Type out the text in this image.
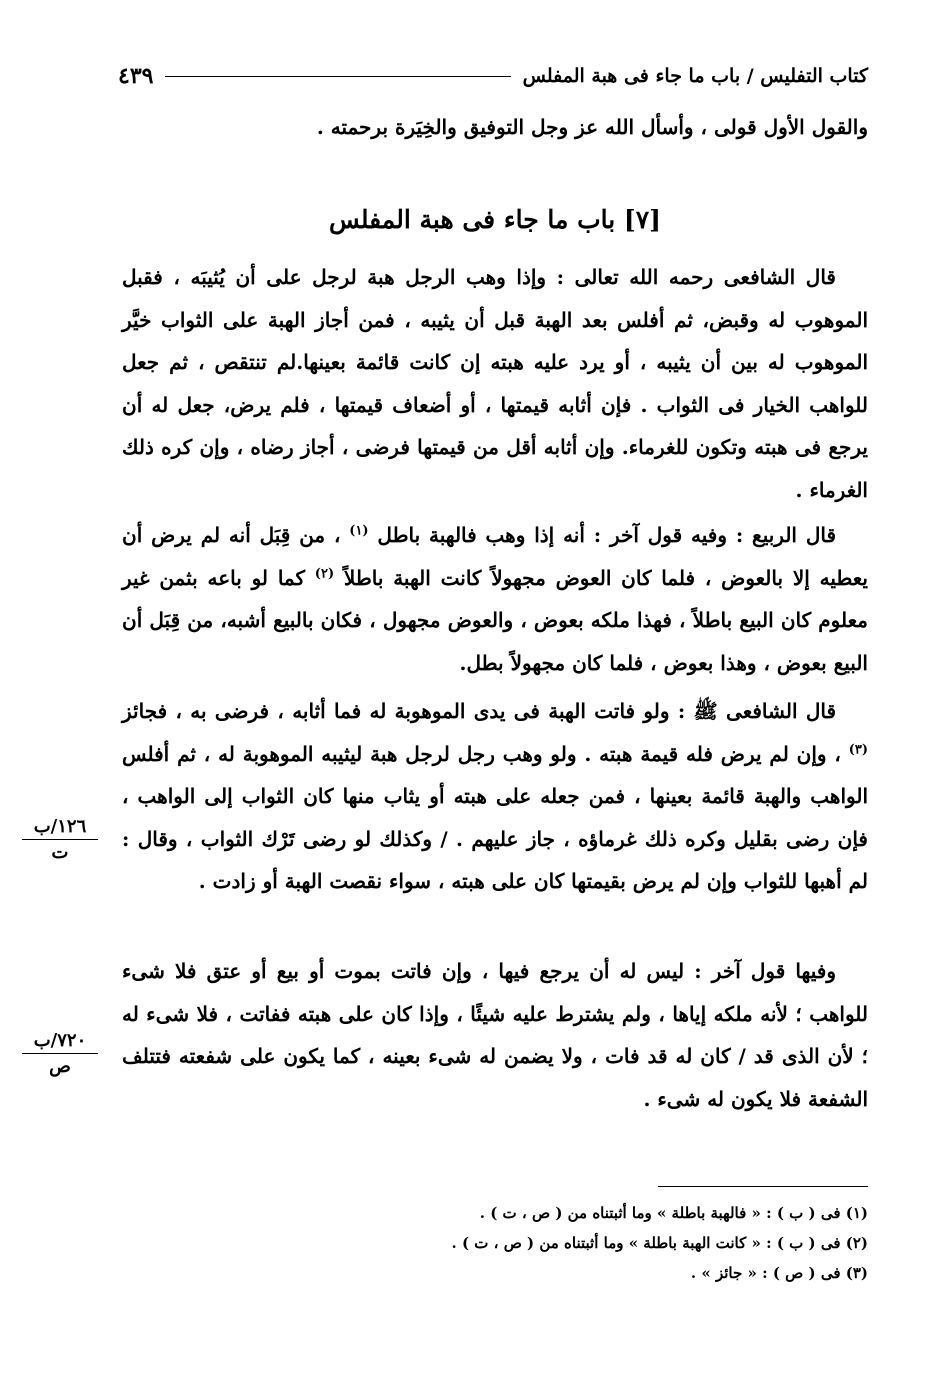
كتاب التفليس / باب ما جاء فى هبة المفلس
٤٣٩
والقول الأول قولى ، وأسأل الله عز وجل التوفيق والخِيَرة برحمته .
[٧] باب ما جاء فى هبة المفلس

قال الشافعى رحمه الله تعالى : وإذا وهب الرجل هبة لرجل على أن يُثيبَه ، فقبل الموهوب له وقبض، ثم أفلس بعد الهبة قبل أن يثيبه ، فمن أجاز الهبة على الثواب خيَّر الموهوب له بين أن يثيبه ، أو يرد عليه هبته إن كانت قائمة بعينها.لم تنتقص ، ثم جعل للواهب الخيار فى الثواب . فإن أثابه قيمتها ، أو أضعاف قيمتها ، فلم يرض، جعل له أن يرجع فى هبته وتكون للغرماء. وإن أثابه أقل من قيمتها فرضى ، أجاز رضاه ، وإن كره ذلك الغرماء .

قال الربيع : وفيه قول آخر : أنه إذا وهب فالهبة باطل $^{(١)}$ ، من قِبَل أنه لم يرض أن يعطيه إلا بالعوض ، فلما كان العوض مجهولاً كانت الهبة باطلاً $^{(٢)}$ كما لو باعه بثمن غير معلوم كان البيع باطلاً ، فهذا ملكه بعوض ، والعوض مجهول ، فكان بالبيع أشبه، من قِبَل أن البيع بعوض ، وهذا بعوض ، فلما كان مجهولاً بطل.

قال الشافعى ﷺ : ولو فاتت الهبة فى يدى الموهوبة له فما أثابه ، فرضى به ، فجائز $^{(٣)}$ ، وإن لم يرض فله قيمة هبته . ولو وهب رجل لرجل هبة ليثيبه الموهوبة له ، ثم أفلس الواهب والهبة قائمة بعينها ، فمن جعله على هبته أو يثاب منها كان الثواب إلى الواهب ، فإن رضى بقليل وكره ذلك غرماؤه ، جاز عليهم . / وكذلك لو رضى تَرْك الثواب ، وقال : لم أهبها للثواب وإن لم يرض بقيمتها كان على هبته ، سواء نقصت الهبة أو زادت .

وفيها قول آخر : ليس له أن يرجع فيها ، وإن فاتت بموت أو بيع أو عتق فلا شىء للواهب ؛ لأنه ملكه إياها ، ولم يشترط عليه شيئًا ، وإذا كان على هبته ففاتت ، فلا شىء له ؛ لأن الذى قد / كان له قد فات ، ولا يضمن له شىء بعينه ، كما يكون على شفعته فتتلف الشفعة فلا يكون له شىء .

١٢٦/ب
ت
٧٢٠/ب
ص
(١) فى ( ب ) : « فالهبة باطلة » وما أثبتناه من ( ص ، ت ) .
(٢) فى ( ب ) : « كانت الهبة باطلة » وما أثبتناه من ( ص ، ت ) .
(٣) فى ( ص ) : « جائز » .
